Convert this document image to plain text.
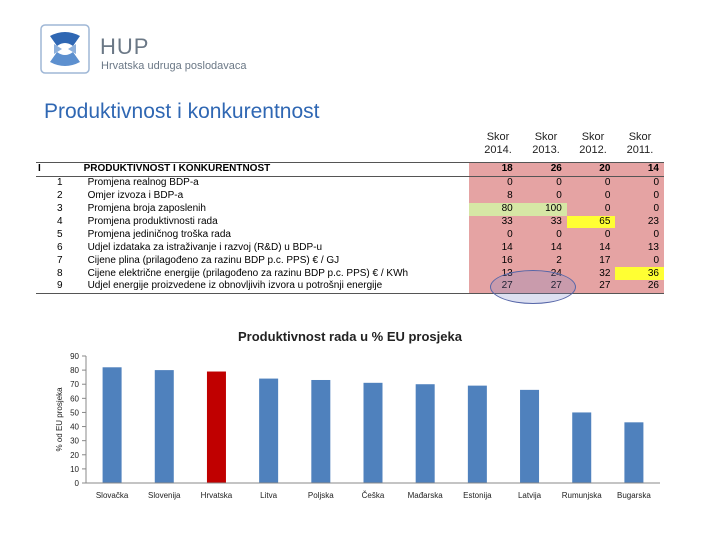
HUP
Hrvatska udruga poslodavaca
Produktivnost i konkurentnost
Skor
2014.
Skor
2013.
Skor
2012.
Skor
2011.
I	PRODUKTIVNOST I KONKURENTNOST	18	26	20	14
1	Promjena realnog BDP-a	0	0	0	0
2	Omjer izvoza i BDP-a	8	0	0	0
3	Promjena broja zaposlenih	80	100	0	0
4	Promjena produktivnosti rada	33	33	65	23
5	Promjena jediničnog troška rada	0	0	0	0
6	Udjel izdataka za istraživanje i razvoj (R&D) u BDP-u	14	14	14	13
7	Cijene plina (prilagođeno za razinu BDP p.c. PPS) € / GJ	16	2	17	0
8	Cijene električne energije (prilagođeno za razinu BDP p.c. PPS) € / KWh	13	24	32	36
9	Udjel energije proizvedene iz obnovljivih izvora u potrošnji energije	27	27	27	26
Produktivnost rada u % EU prosjeka
0
10
20
30
40
50
60
70
80
90
Slovačka Slovenija	Hrvatska	Litva	Poljska	Češka	Mađarska	Estonija	Latvija	Rumunjska Bugarska
% od EU prosjeka
